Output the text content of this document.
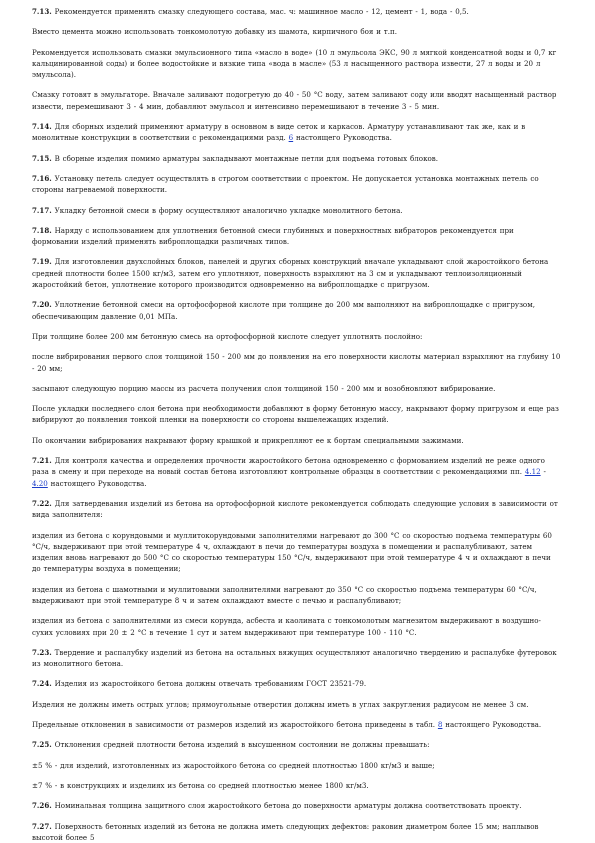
7.13. Рекомендуется применять смазку следующего состава, мас. ч: машинное масло - 12, цемент - 1, вода - 0,5.

Вместо цемента можно использовать тонкомолотую добавку из шамота, кирпичного боя и т.п.

Рекомендуется использовать смазки эмульсионного типа «масло в воде» (10 л эмульсола ЭКС, 90 л мягкой конденсатной воды и 0,7 кг кальцинированной соды) и более водостойкие и вязкие типа «вода в масле» (53 л насыщенного раствора извести, 27 л воды и 20 л эмульсола).

Смазку готовят в эмульгаторе. Вначале заливают подогретую до 40 - 50 °С воду, затем заливают соду или вводят насыщенный раствор извести, перемешивают 3 - 4 мин, добавляют эмульсол и интенсивно перемешивают в течение 3 - 5 мин.

7.14. Для сборных изделий применяют арматуру в основном в виде сеток и каркасов. Арматуру устанавливают так же, как и в монолитные конструкции в соответствии с рекомендациями разд. 6 настоящего Руководства.

7.15. В сборные изделия помимо арматуры закладывают монтажные петли для подъема готовых блоков.

7.16. Установку петель следует осуществлять в строгом соответствии с проектом. Не допускается установка монтажных петель со стороны нагреваемой поверхности.

7.17. Укладку бетонной смеси в форму осуществляют аналогично укладке монолитного бетона.

7.18. Наряду с использованием для уплотнения бетонной смеси глубинных и поверхностных вибраторов рекомендуется при формовании изделий применять виброплощадки различных типов.

7.19. Для изготовления двухслойных блоков, панелей и других сборных конструкций вначале укладывают слой жаростойкого бетона средней плотности более 1500 кг/м3, затем его уплотняют, поверхность взрыхляют на 3 см и укладывают теплоизоляционный жаростойкий бетон, уплотнение которого производится одновременно на виброплощадке с пригрузом.

7.20. Уплотнение бетонной смеси на ортофосфорной кислоте при толщине до 200 мм выполняют на виброплощадке с пригрузом, обеспечивающим давление 0,01 МПа.

При толщине более 200 мм бетонную смесь на ортофосфорной кислоте следует уплотнять послойно:

после вибрирования первого слоя толщиной 150 - 200 мм до появления на его поверхности кислоты материал взрыхляют на глубину 10 - 20 мм;

засыпают следующую порцию массы из расчета получения слоя толщиной 150 - 200 мм и возобновляют вибрирование.

После укладки последнего слоя бетона при необходимости добавляют в форму бетонную массу, накрывают форму пригрузом и еще раз вибрируют до появления тонкой пленки на поверхности со стороны вышележащих изделий.

По окончании вибрирования накрывают форму крышкой и прикрепляют ее к бортам специальными зажимами.

7.21. Для контроля качества и определения прочности жаростойкого бетона одновременно с формованием изделий не реже одного раза в смену и при переходе на новый состав бетона изготовляют контрольные образцы в соответствии с рекомендациями пп. 4.12 - 4.20 настоящего Руководства.

7.22. Для затвердевания изделий из бетона на ортофосфорной кислоте рекомендуется соблюдать следующие условия в зависимости от вида заполнителя:

изделия из бетона с корундовыми и муллитокорундовыми заполнителями нагревают до 300 °С со скоростью подъема температуры 60 °С/ч, выдерживают при этой температуре 4 ч, охлаждают в печи до температуры воздуха в помещении и распалубливают, затем изделия вновь нагревают до 500 °С со скоростью температуры 150 °С/ч, выдерживают при этой температуре 4 ч и охлаждают в печи до температуры воздуха в помещении;

изделия из бетона с шамотными и муллитовыми заполнителями нагревают до 350 °С со скоростью подъема температуры 60 °С/ч, выдерживают при этой температуре 8 ч и затем охлаждают вместе с печью и распалубливают;

изделия из бетона с заполнителями из смеси корунда, асбеста и каолината с тонкомолотым магнезитом выдерживают в воздушно-сухих условиях при 20 ± 2 °С в течение 1 сут и затем выдерживают при температуре 100 - 110 °С.

7.23. Твердение и распалубку изделий из бетона на остальных вяжущих осуществляют аналогично твердению и распалубке футеровок из монолитного бетона.

7.24. Изделия из жаростойкого бетона должны отвечать требованиям ГОСТ 23521-79.

Изделия не должны иметь острых углов; прямоугольные отверстия должны иметь в углах закругления радиусом не менее 3 см.

Предельные отклонения в зависимости от размеров изделий из жаростойкого бетона приведены в табл. 8 настоящего Руководства.

7.25. Отклонения средней плотности бетона изделий в высушенном состоянии не должны превышать:

±5 % - для изделий, изготовленных из жаростойкого бетона со средней плотностью 1800 кг/м3 и выше;

±7 % - в конструкциях и изделиях из бетона со средней плотностью менее 1800 кг/м3.

7.26. Номинальная толщина защитного слоя жаростойкого бетона до поверхности арматуры должна соответствовать проекту.

7.27. Поверхность бетонных изделий из бетона не должна иметь следующих дефектов: раковин диаметром более 15 мм; наплывов высотой более 5
